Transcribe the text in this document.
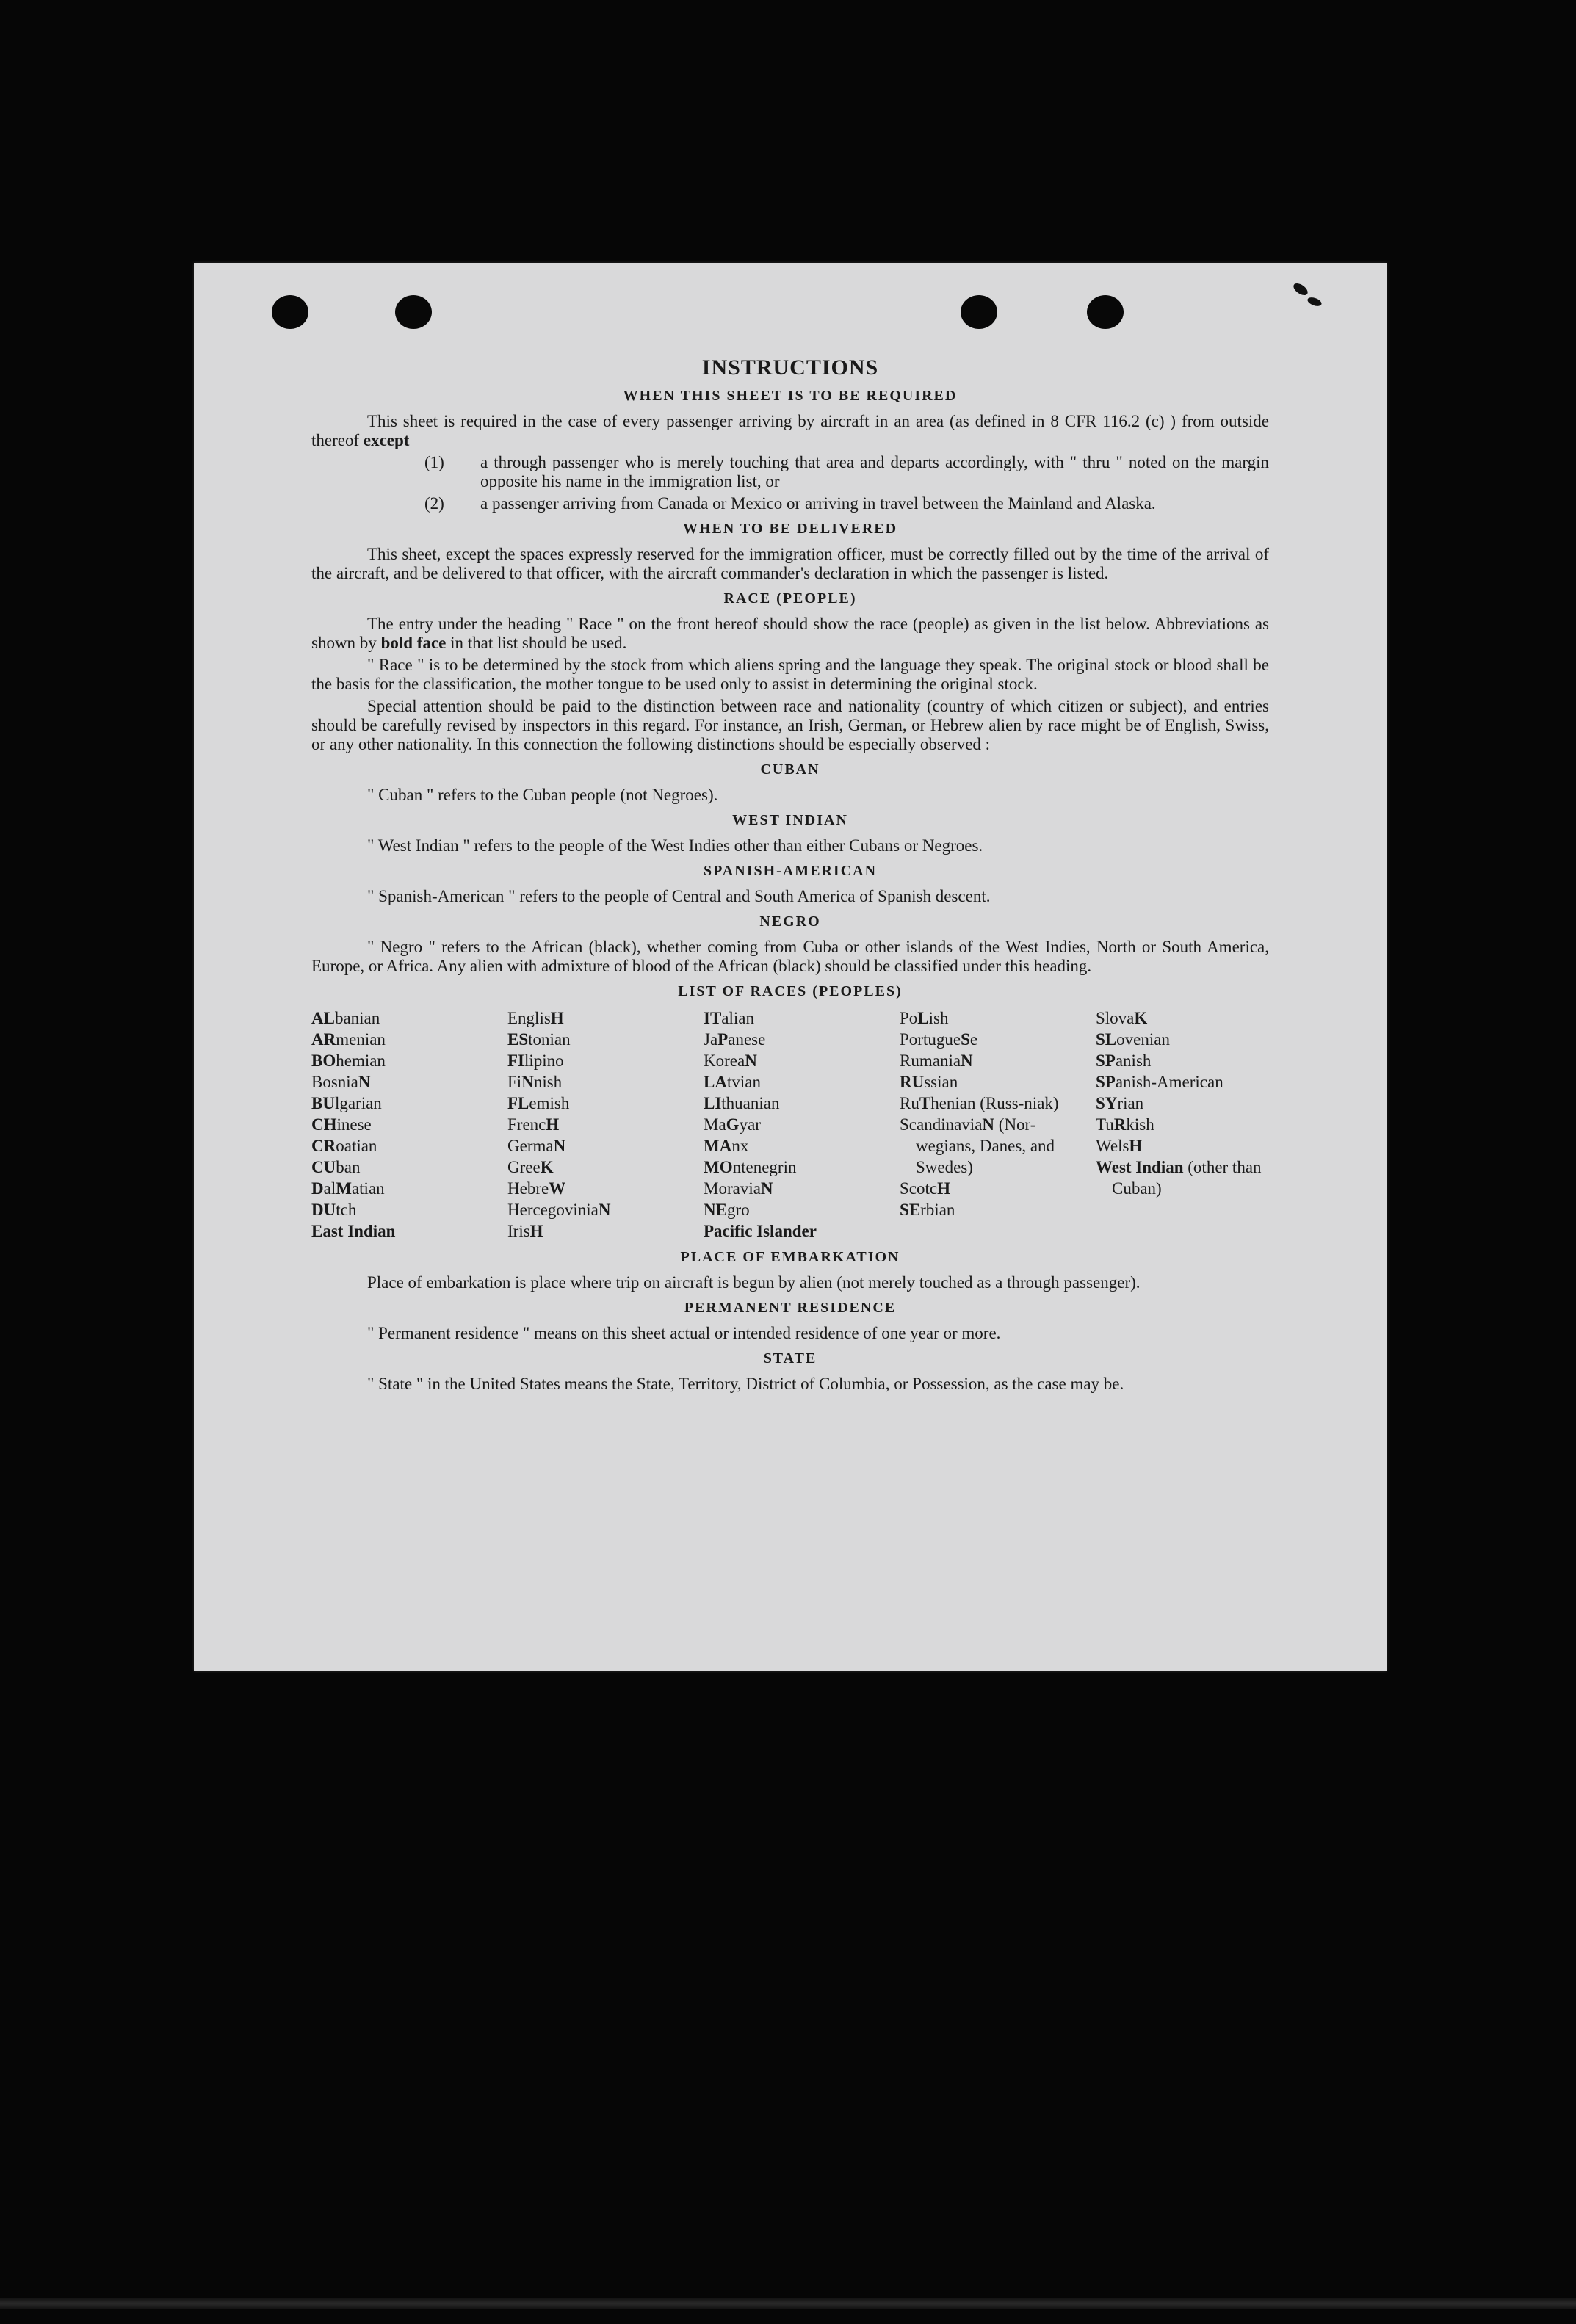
INSTRUCTIONS
WHEN THIS SHEET IS TO BE REQUIRED

This sheet is required in the case of every passenger arriving by aircraft in an area (as defined in 8 CFR 116.2 (c) ) from outside thereof except

(1) a through passenger who is merely touching that area and departs accordingly, with " thru " noted on the margin opposite his name in the immigration list, or
(2) a passenger arriving from Canada or Mexico or arriving in travel between the Mainland and Alaska.
WHEN TO BE DELIVERED

This sheet, except the spaces expressly reserved for the immigration officer, must be correctly filled out by the time of the arrival of the aircraft, and be delivered to that officer, with the aircraft commander's declaration in which the passenger is listed.

RACE (PEOPLE)

The entry under the heading " Race " on the front hereof should show the race (people) as given in the list below. Abbreviations as shown by bold face in that list should be used.

" Race " is to be determined by the stock from which aliens spring and the language they speak. The original stock or blood shall be the basis for the classification, the mother tongue to be used only to assist in determining the original stock.

Special attention should be paid to the distinction between race and nationality (country of which citizen or subject), and entries should be carefully revised by inspectors in this regard. For instance, an Irish, German, or Hebrew alien by race might be of English, Swiss, or any other nationality. In this connection the following distinctions should be especially observed :

CUBAN

" Cuban " refers to the Cuban people (not Negroes).

WEST INDIAN

" West Indian " refers to the people of the West Indies other than either Cubans or Negroes.

SPANISH-AMERICAN

" Spanish-American " refers to the people of Central and South America of Spanish descent.

NEGRO

" Negro " refers to the African (black), whether coming from Cuba or other islands of the West Indies, North or South America, Europe, or Africa. Any alien with admixture of blood of the African (black) should be classified under this heading.

LIST OF RACES (PEOPLES)
ALbanian
ARmenian
BOhemian
BosniaN
BUlgarian
CHinese
CRoatian
CUban
DalMatian
DUtch
East Indian
EnglisH
EStonian
FIlipino
FiNnish
FLemish
FrencH
GermaN
GreeK
HebreW
HercegoviniaN
IrisH
ITalian
JaPanese
KoreaN
LAtvian
LIthuanian
MaGyar
MAnx
MOntenegrin
MoraviaN
NEgro
Pacific Islander
PoLish
PortugueSe
RumaniaN
RUssian
RuThenian (Russ-niak)
ScandinaviaN (Nor-wegians, Danes, and Swedes)
ScotcH
SErbian
SlovaK
SLovenian
SPanish
SPanish-American
SYrian
TuRkish
WelsH
West Indian (other than Cuban)
PLACE OF EMBARKATION

Place of embarkation is place where trip on aircraft is begun by alien (not merely touched as a through passenger).

PERMANENT RESIDENCE

" Permanent residence " means on this sheet actual or intended residence of one year or more.

STATE

" State " in the United States means the State, Territory, District of Columbia, or Possession, as the case may be.
